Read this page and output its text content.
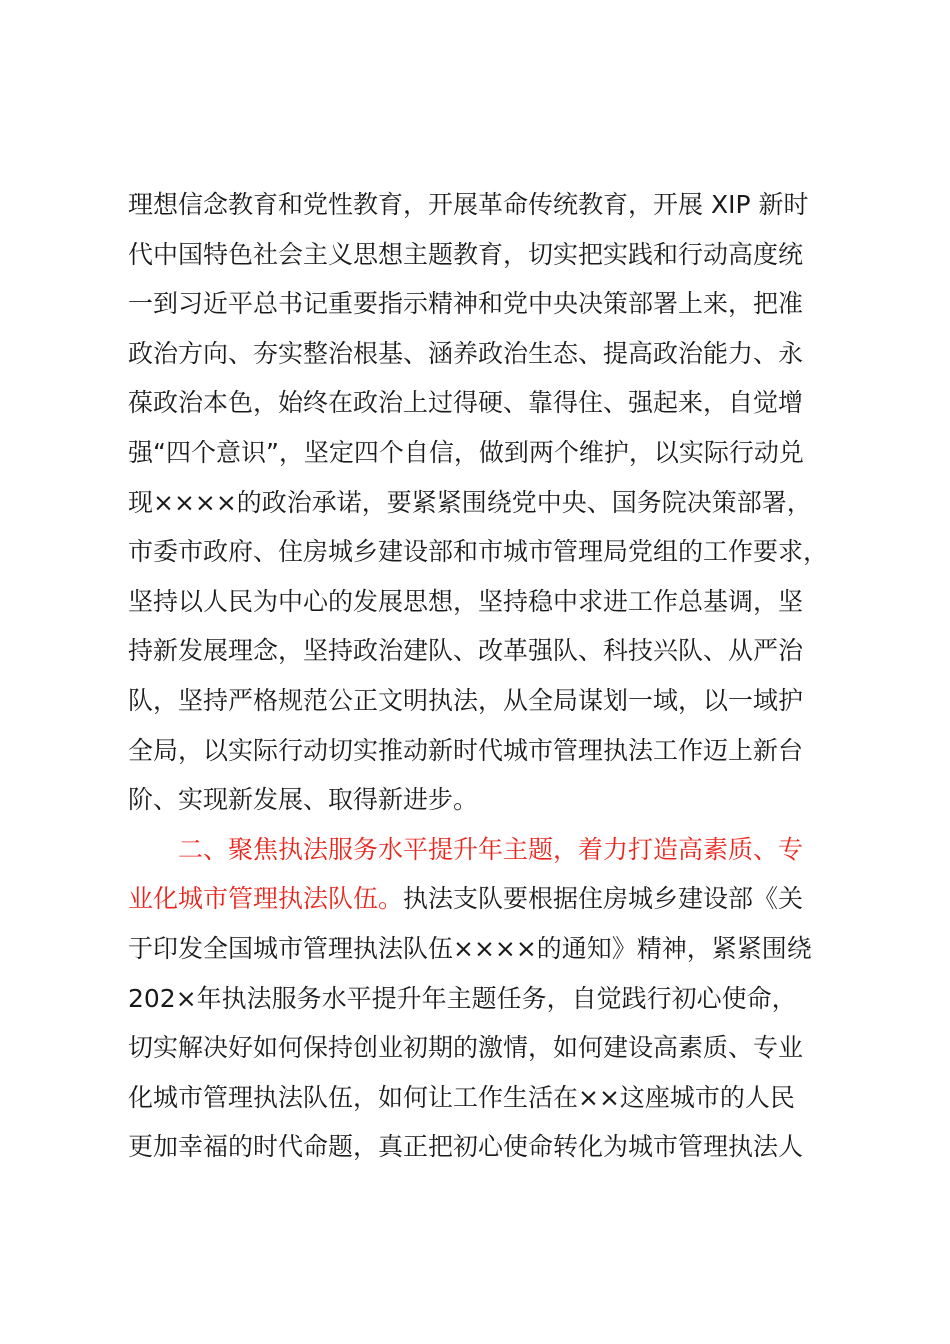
理想信念教育和党性教育，开展革命传统教育，开展 XIP 新时
代中国特色社会主义思想主题教育，切实把实践和行动高度统
一到习近平总书记重要指示精神和党中央决策部署上来，把准
政治方向、夯实整治根基、涵养政治生态、提高政治能力、永
葆政治本色，始终在政治上过得硬、靠得住、强起来，自觉增
强“四个意识”，坚定四个自信，做到两个维护，以实际行动兑
现××××的政治承诺，要紧紧围绕党中央、国务院决策部署，
市委市政府、住房城乡建设部和市城市管理局党组的工作要求，
坚持以人民为中心的发展思想，坚持稳中求进工作总基调，坚
持新发展理念，坚持政治建队、改革强队、科技兴队、从严治
队，坚持严格规范公正文明执法，从全局谋划一域，以一域护
全局，以实际行动切实推动新时代城市管理执法工作迈上新台
阶、实现新发展、取得新进步。
二、聚焦执法服务水平提升年主题，着力打造高素质、专
业化城市管理执法队伍。执法支队要根据住房城乡建设部《关
于印发全国城市管理执法队伍××××的通知》精神，紧紧围绕
202×年执法服务水平提升年主题任务，自觉践行初心使命，
切实解决好如何保持创业初期的激情，如何建设高素质、专业
化城市管理执法队伍，如何让工作生活在××这座城市的人民
更加幸福的时代命题，真正把初心使命转化为城市管理执法人
